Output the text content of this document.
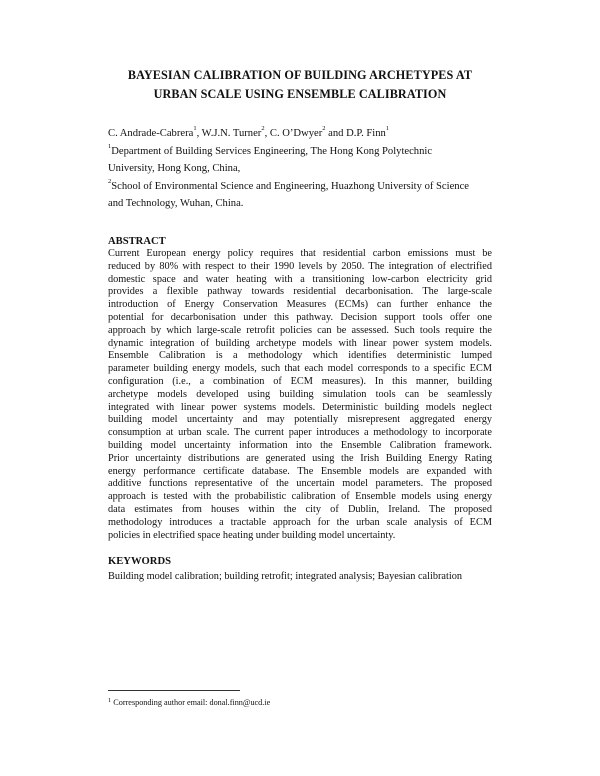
BAYESIAN CALIBRATION OF BUILDING ARCHETYPES AT
URBAN SCALE USING ENSEMBLE CALIBRATION
C. Andrade-Cabrera$^1$, W.J.N. Turner$^2$, C. O’Dwyer$^2$ and D.P. Finn$^1$
$^1$Department of Building Services Engineering, The Hong Kong Polytechnic
University, Hong Kong, China,
$^2$School of Environmental Science and Engineering, Huazhong University of Science
and Technology, Wuhan, China.
ABSTRACT
Current European energy policy requires that residential carbon emissions must be
reduced by 80% with respect to their 1990 levels by 2050. The integration of electrified
domestic space and water heating with a transitioning low-carbon electricity grid
provides a flexible pathway towards residential decarbonisation. The large-scale
introduction of Energy Conservation Measures (ECMs) can further enhance the
potential for decarbonisation under this pathway. Decision support tools offer one
approach by which large-scale retrofit policies can be assessed. Such tools require the
dynamic integration of building archetype models with linear power system models.
Ensemble Calibration is a methodology which identifies deterministic lumped
parameter building energy models, such that each model corresponds to a specific ECM
configuration (i.e., a combination of ECM measures). In this manner, building
archetype models developed using building simulation tools can be seamlessly
integrated with linear power systems models. Deterministic building models neglect
building model uncertainty and may potentially misrepresent aggregated energy
consumption at urban scale. The current paper introduces a methodology to incorporate
building model uncertainty information into the Ensemble Calibration framework.
Prior uncertainty distributions are generated using the Irish Building Energy Rating
energy performance certificate database. The Ensemble models are expanded with
additive functions representative of the uncertain model parameters. The proposed
approach is tested with the probabilistic calibration of Ensemble models using energy
data estimates from houses within the city of Dublin, Ireland. The proposed
methodology introduces a tractable approach for the urban scale analysis of ECM
policies in electrified space heating under building model uncertainty.
KEYWORDS
Building model calibration; building retrofit; integrated analysis; Bayesian calibration
$^1$ Corresponding author email: donal.finn@ucd.ie
